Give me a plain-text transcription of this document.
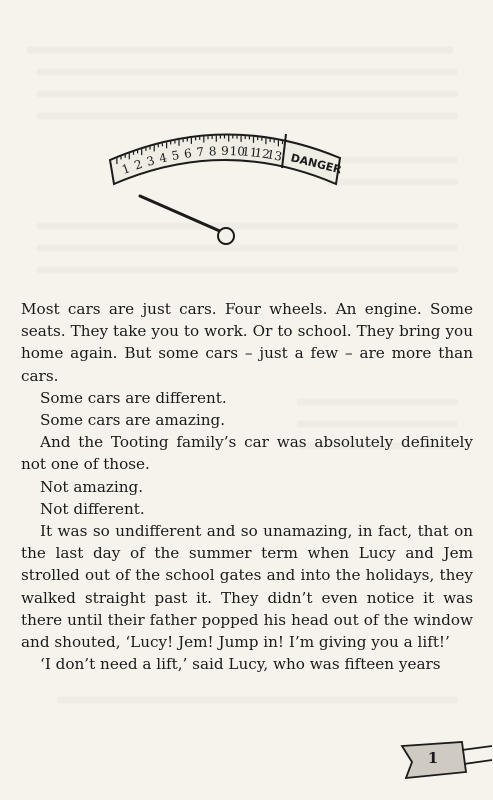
1 2 3 4 5 6 7 8 9 10
11
12
13 DANGER

Most cars are just cars. Four wheels. An engine. Some seats. They take you to work. Or to school. They bring you home again. But some cars – just a few – are more than cars.

Some cars are different.

Some cars are amazing.

And the Tooting family’s car was absolutely definitely not one of those.

Not amazing.

Not different.

It was so undifferent and so unamazing, in fact, that on the last day of the summer term when Lucy and Jem strolled out of the school gates and into the holidays, they walked straight past it. They didn’t even notice it was there until their father popped his head out of the window and shouted, ‘Lucy! Jem! Jump in! I’m giving you a lift!’

‘I don’t need a lift,’ said Lucy, who was fifteen years

1
